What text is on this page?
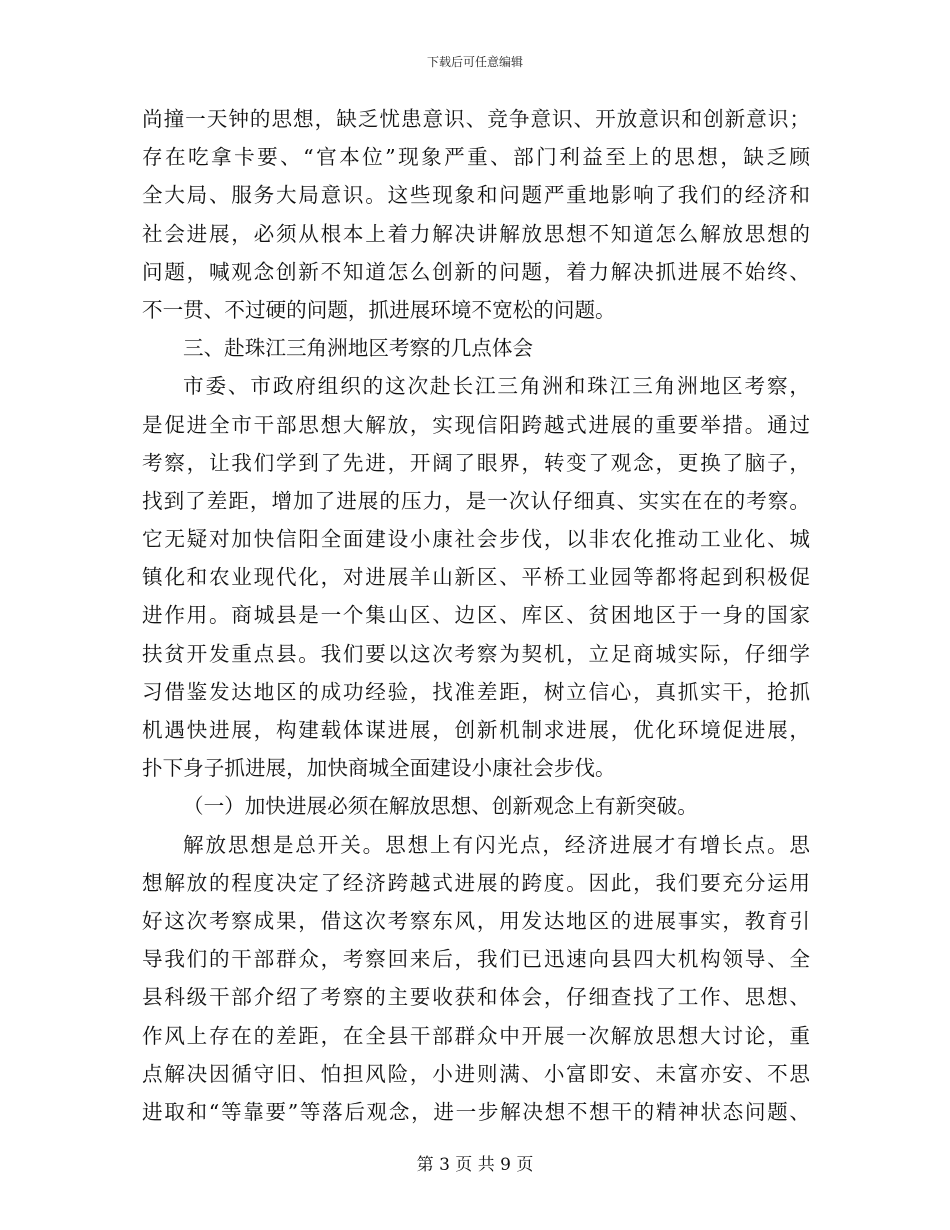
下载后可任意编辑
尚撞一天钟的思想，缺乏忧患意识、竞争意识、开放意识和创新意识；
存在吃拿卡要、“官本位”现象严重、部门利益至上的思想，缺乏顾
全大局、服务大局意识。这些现象和问题严重地影响了我们的经济和
社会进展，必须从根本上着力解决讲解放思想不知道怎么解放思想的
问题，喊观念创新不知道怎么创新的问题，着力解决抓进展不始终、
不一贯、不过硬的问题，抓进展环境不宽松的问题。
三、赴珠江三角洲地区考察的几点体会
市委、市政府组织的这次赴长江三角洲和珠江三角洲地区考察，
是促进全市干部思想大解放，实现信阳跨越式进展的重要举措。通过
考察，让我们学到了先进，开阔了眼界，转变了观念，更换了脑子，
找到了差距，增加了进展的压力，是一次认仔细真、实实在在的考察。
它无疑对加快信阳全面建设小康社会步伐，以非农化推动工业化、城
镇化和农业现代化，对进展羊山新区、平桥工业园等都将起到积极促
进作用。商城县是一个集山区、边区、库区、贫困地区于一身的国家
扶贫开发重点县。我们要以这次考察为契机，立足商城实际，仔细学
习借鉴发达地区的成功经验，找准差距，树立信心，真抓实干，抢抓
机遇快进展，构建载体谋进展，创新机制求进展，优化环境促进展，
扑下身子抓进展，加快商城全面建设小康社会步伐。
（一）加快进展必须在解放思想、创新观念上有新突破。
解放思想是总开关。思想上有闪光点，经济进展才有增长点。思
想解放的程度决定了经济跨越式进展的跨度。因此，我们要充分运用
好这次考察成果，借这次考察东风，用发达地区的进展事实，教育引
导我们的干部群众，考察回来后，我们已迅速向县四大机构领导、全
县科级干部介绍了考察的主要收获和体会，仔细查找了工作、思想、
作风上存在的差距，在全县干部群众中开展一次解放思想大讨论，重
点解决因循守旧、怕担风险，小进则满、小富即安、未富亦安、不思
进取和“等靠要”等落后观念，进一步解决想不想干的精神状态问题、
第 3 页 共 9 页
